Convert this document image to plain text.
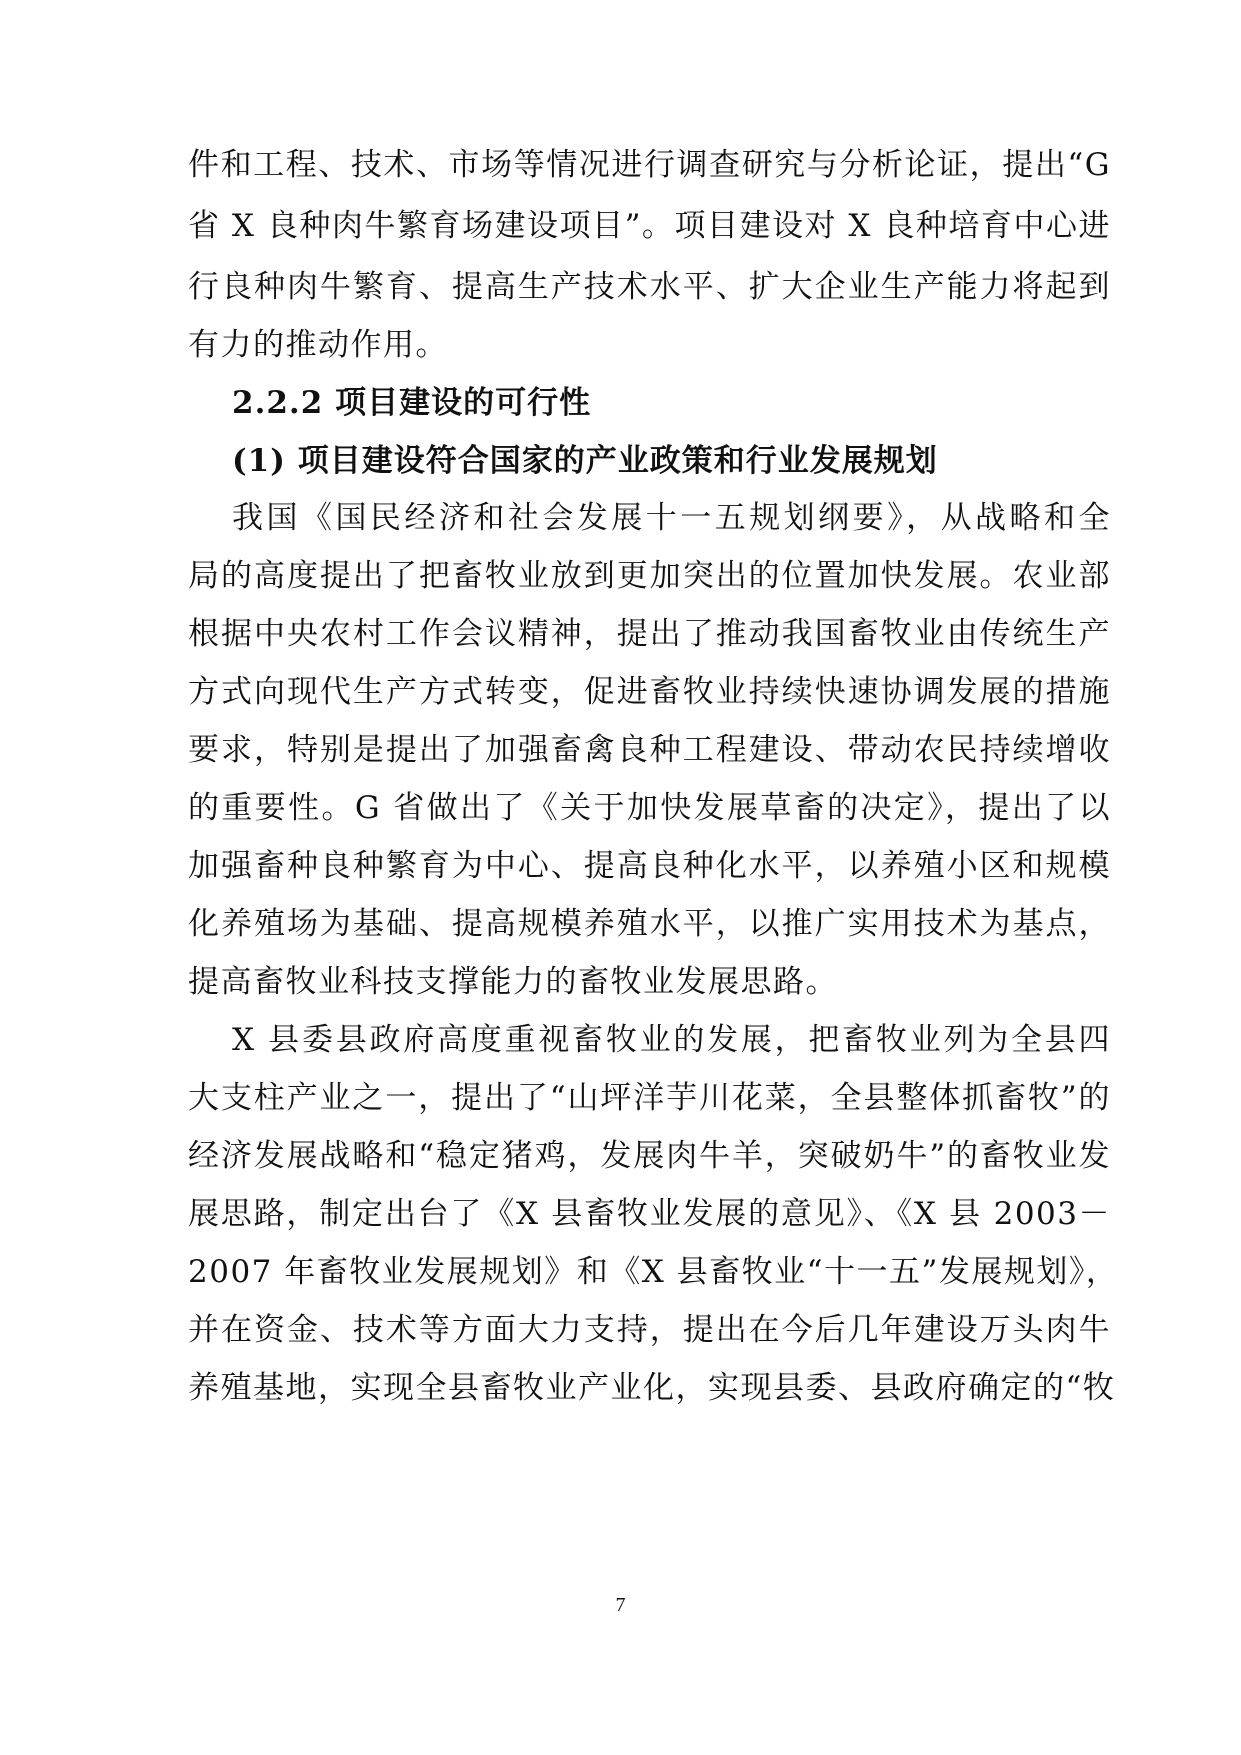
件和工程、技术、市场等情况进行调查研究与分析论证，提出“G
省 X 良种肉牛繁育场建设项目”。项目建设对 X 良种培育中心进
行良种肉牛繁育、提高生产技术水平、扩大企业生产能力将起到
有力的推动作用。
2.2.2 项目建设的可行性
(1) 项目建设符合国家的产业政策和行业发展规划
我国《国民经济和社会发展十一五规划纲要》，从战略和全
局的高度提出了把畜牧业放到更加突出的位置加快发展。农业部
根据中央农村工作会议精神，提出了推动我国畜牧业由传统生产
方式向现代生产方式转变，促进畜牧业持续快速协调发展的措施
要求，特别是提出了加强畜禽良种工程建设、带动农民持续增收
的重要性。G 省做出了《关于加快发展草畜的决定》，提出了以
加强畜种良种繁育为中心、提高良种化水平，以养殖小区和规模
化养殖场为基础、提高规模养殖水平，以推广实用技术为基点，
提高畜牧业科技支撑能力的畜牧业发展思路。
X 县委县政府高度重视畜牧业的发展，把畜牧业列为全县四
大支柱产业之一，提出了“山坪洋芋川花菜，全县整体抓畜牧”的
经济发展战略和“稳定猪鸡，发展肉牛羊，突破奶牛”的畜牧业发
展思路，制定出台了《X 县畜牧业发展的意见》、《X 县 2003－
2007 年畜牧业发展规划》和《X 县畜牧业“十一五”发展规划》，
并在资金、技术等方面大力支持，提出在今后几年建设万头肉牛
养殖基地，实现全县畜牧业产业化，实现县委、县政府确定的“牧
7
